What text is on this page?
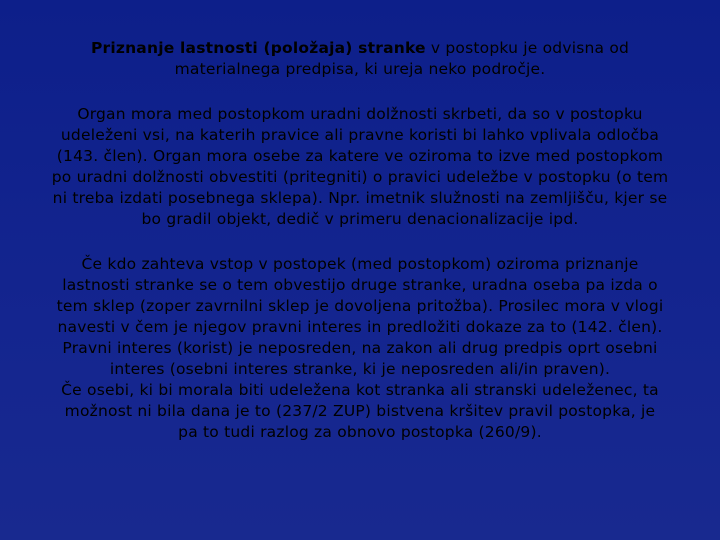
Priznanje lastnosti (položaja) stranke v postopku je odvisna od
materialnega predpisa, ki ureja neko področje.

Organ mora med postopkom uradni dolžnosti skrbeti, da so v postopku
udeleženi vsi, na katerih pravice ali pravne koristi bi lahko vplivala odločba
(143. člen). Organ mora osebe za katere ve oziroma to izve med postopkom
po uradni dolžnosti obvestiti (pritegniti) o pravici udeležbe v postopku (o tem
ni treba izdati posebnega sklepa). Npr. imetnik služnosti na zemljišču, kjer se
bo gradil objekt, dedič v primeru denacionalizacije ipd.

Če kdo zahteva vstop v postopek (med postopkom) oziroma priznanje
lastnosti stranke se o tem obvestijo druge stranke, uradna oseba pa izda o
tem sklep (zoper zavrnilni sklep je dovoljena pritožba). Prosilec mora v vlogi
navesti v čem je njegov pravni interes in predložiti dokaze za to (142. člen).
Pravni interes (korist) je neposreden, na zakon ali drug predpis oprt osebni
interes (osebni interes stranke, ki je neposreden ali/in praven).
Če osebi, ki bi morala biti udeležena kot stranka ali stranski udeleženec, ta
možnost ni bila dana je to (237/2 ZUP) bistvena kršitev pravil postopka, je
pa to tudi razlog za obnovo postopka (260/9).
